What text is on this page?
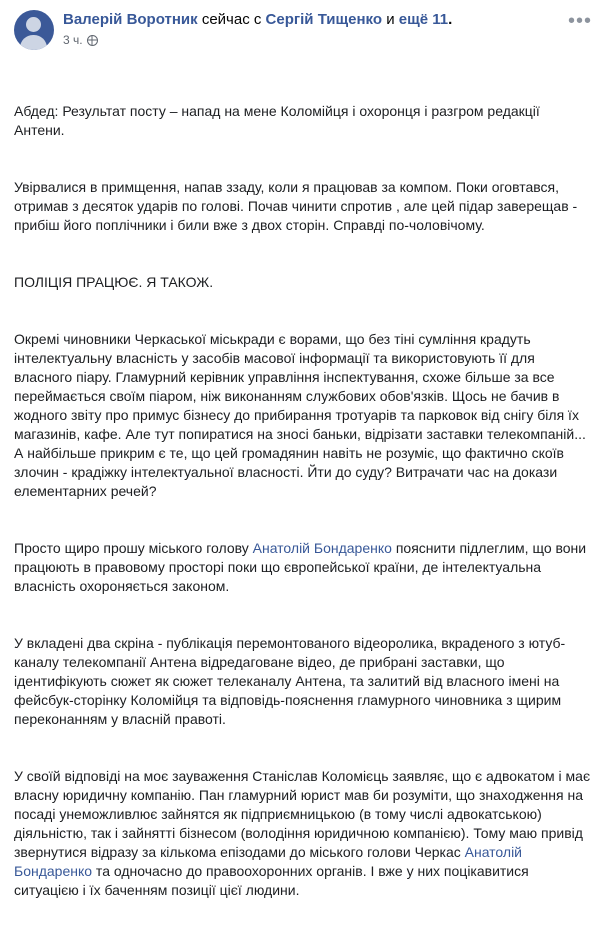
Валерій Воротник сейчас с Сергій Тищенко и ещё 11.
3 ч.
•••

Абдед: Результат посту – напад на мене Коломійця і охоронця і разгром редакції Антени.

Увірвалися в примщення, напав ззаду, коли я працював за компом. Поки оговтався, отримав з десяток ударів по голові. Почав чинити спротив , але цей підар заверещав - прибіш його поплічники і били вже з двох сторін. Справді по-чоловічому.

ПОЛІЦІЯ ПРАЦЮЄ. Я ТАКОЖ.

Окремі чиновники Черкаської міськради є ворами, що без тіні сумління крадуть інтелектуальну власність у засобів масової інформації та використовують її для власного піару. Гламурний керівник управління інспектування, схоже більше за все переймається своїм піаром, ніж виконанням службових обов'язків. Щось не бачив в жодного звіту про примус бізнесу до прибирання тротуарів та парковок від снігу біля їх магазинів, кафе. Але тут попиратися на зносі баньки, відрізати заставки телекомпаній... А найбільше прикрим є те, що цей громадянин навіть не розуміє, що фактично скоїв злочин - крадіжку інтелектуальної власності. Йти до суду? Витрачати час на докази елементарних речей?

Просто щиро прошу міського голову Анатолій Бондаренко пояснити підлеглим, що вони працюють в правовому просторі поки що європейської країни, де інтелектуальна власність охороняється законом.

У вкладені два скріна - публікація перемонтованого відеоролика, вкраденого з ютуб-каналу телекомпанії Антена відредаговане відео, де прибрані заставки, що ідентифікують сюжет як сюжет телеканалу Антена, та залитий від власного імені на фейсбук-сторінку Коломійця та відповідь-пояснення гламурного чиновника з щирим переконанням у власній правоті.

У своїй відповіді на моє зауваження Станіслав Коломієць заявляє, що є адвокатом і має власну юридичну компанію. Пан гламурний юрист мав би розуміти, що знаходження на посаді унеможливлює зайнятся як підприємницькою (в тому числі адвокатською) діяльністю, так і зайнятті бізнесом (володіння юридичною компанією). Тому маю привід звернутися відразу за кількома епізодами до міського голови Черкас Анатолій Бондаренко та одночасно до правоохоронних органів. І вже у них поцікавитися ситуацією і їх баченням позиції цієї людини.
